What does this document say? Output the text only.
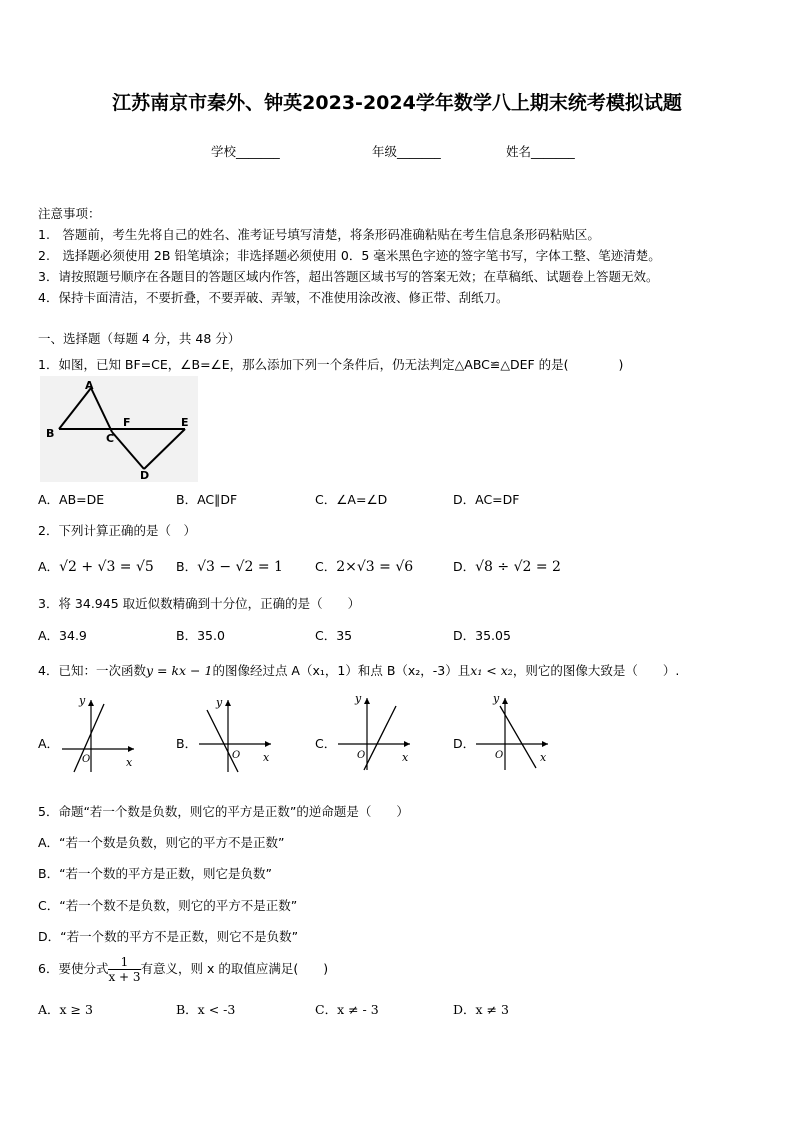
江苏南京市秦外、钟英2023-2024学年数学八上期末统考模拟试题
学校_______	年级_______	姓名_______
注意事项：
1.　答题前，考生先将自己的姓名、准考证号填写清楚，将条形码准确粘贴在考生信息条形码粘贴区。
2.　选择题必须使用 2B 铅笔填涂；非选择题必须使用 0．5 毫米黑色字迹的签字笔书写，字体工整、笔迹清楚。
3．请按照题号顺序在各题目的答题区域内作答，超出答题区域书写的答案无效；在草稿纸、试题卷上答题无效。
4．保持卡面清洁，不要折叠，不要弄破、弄皱，不准使用涂改液、修正带、刮纸刀。
一、选择题（每题 4 分，共 48 分）
1．如图，已知 BF=CE，∠B=∠E，那么添加下列一个条件后，仍无法判定△ABC≌△DEF 的是(　　　　)
A
B	C
F	E
D
A．AB=DE	B．AC∥DF	C．∠A=∠D	D．AC=DF
2．下列计算正确的是（　）
A．√2 + √3 = √5 B．√3 − √2 = 1	C．2×√3 = √6	D．√8 ÷ √2 = 2
3．将 34.945 取近似数精确到十分位，正确的是（　　）
A．34.9	B．35.0	C．35	D．35.05
4．已知：一次函数y = kx − 1的图像经过点 A（x₁，1）和点 B（x₂，-3）且x₁ < x₂，则它的图像大致是（　　）.
A．
y
x
O
B．
y
x
O
C．
y
x
O
D．
y
x
O
5．命题“若一个数是负数，则它的平方是正数”的逆命题是（　　）
A．“若一个数是负数，则它的平方不是正数”
B．“若一个数的平方是正数，则它是负数”
C．“若一个数不是负数，则它的平方不是正数”
D．“若一个数的平方不是正数，则它不是负数”
6．要使分式 $\frac{1}{x + 3}$ 有意义，则 x 的取值应满足(　　)
A．x ≥ 3	B．x < -3	C．x ≠ - 3	D．x ≠ 3
